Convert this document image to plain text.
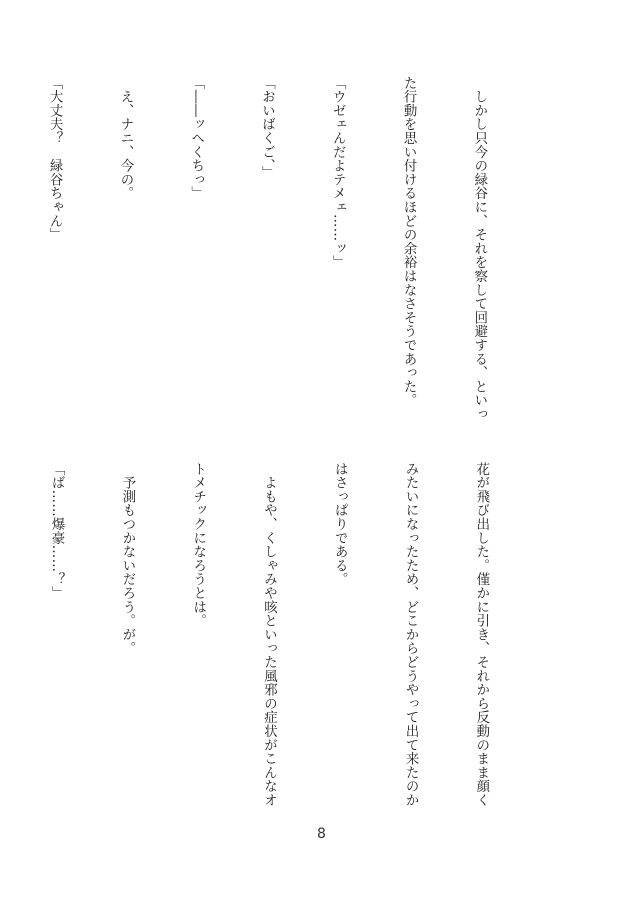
　しかし只今の緑谷に、それを察して回避する、といっ

た行動を思い付けるほどの余裕はなさそうであった。

「ウゼェんだよテメェ……ッ」

「おいばくご、」

「――ッへくちっ」

　え、ナニ、今の。

「大丈夫？　緑谷ちゃん」

花が飛び出した。僅かに引き、それから反動のまま顔く

みたいになったため、どこからどうやって出て来たのか

はさっぱりである。

　よもや、くしゃみや咳といった風邪の症状がこんなオ

トメチックになろうとは。

　予測もつかないだろう。が。

「ば……爆豪……？」

8
